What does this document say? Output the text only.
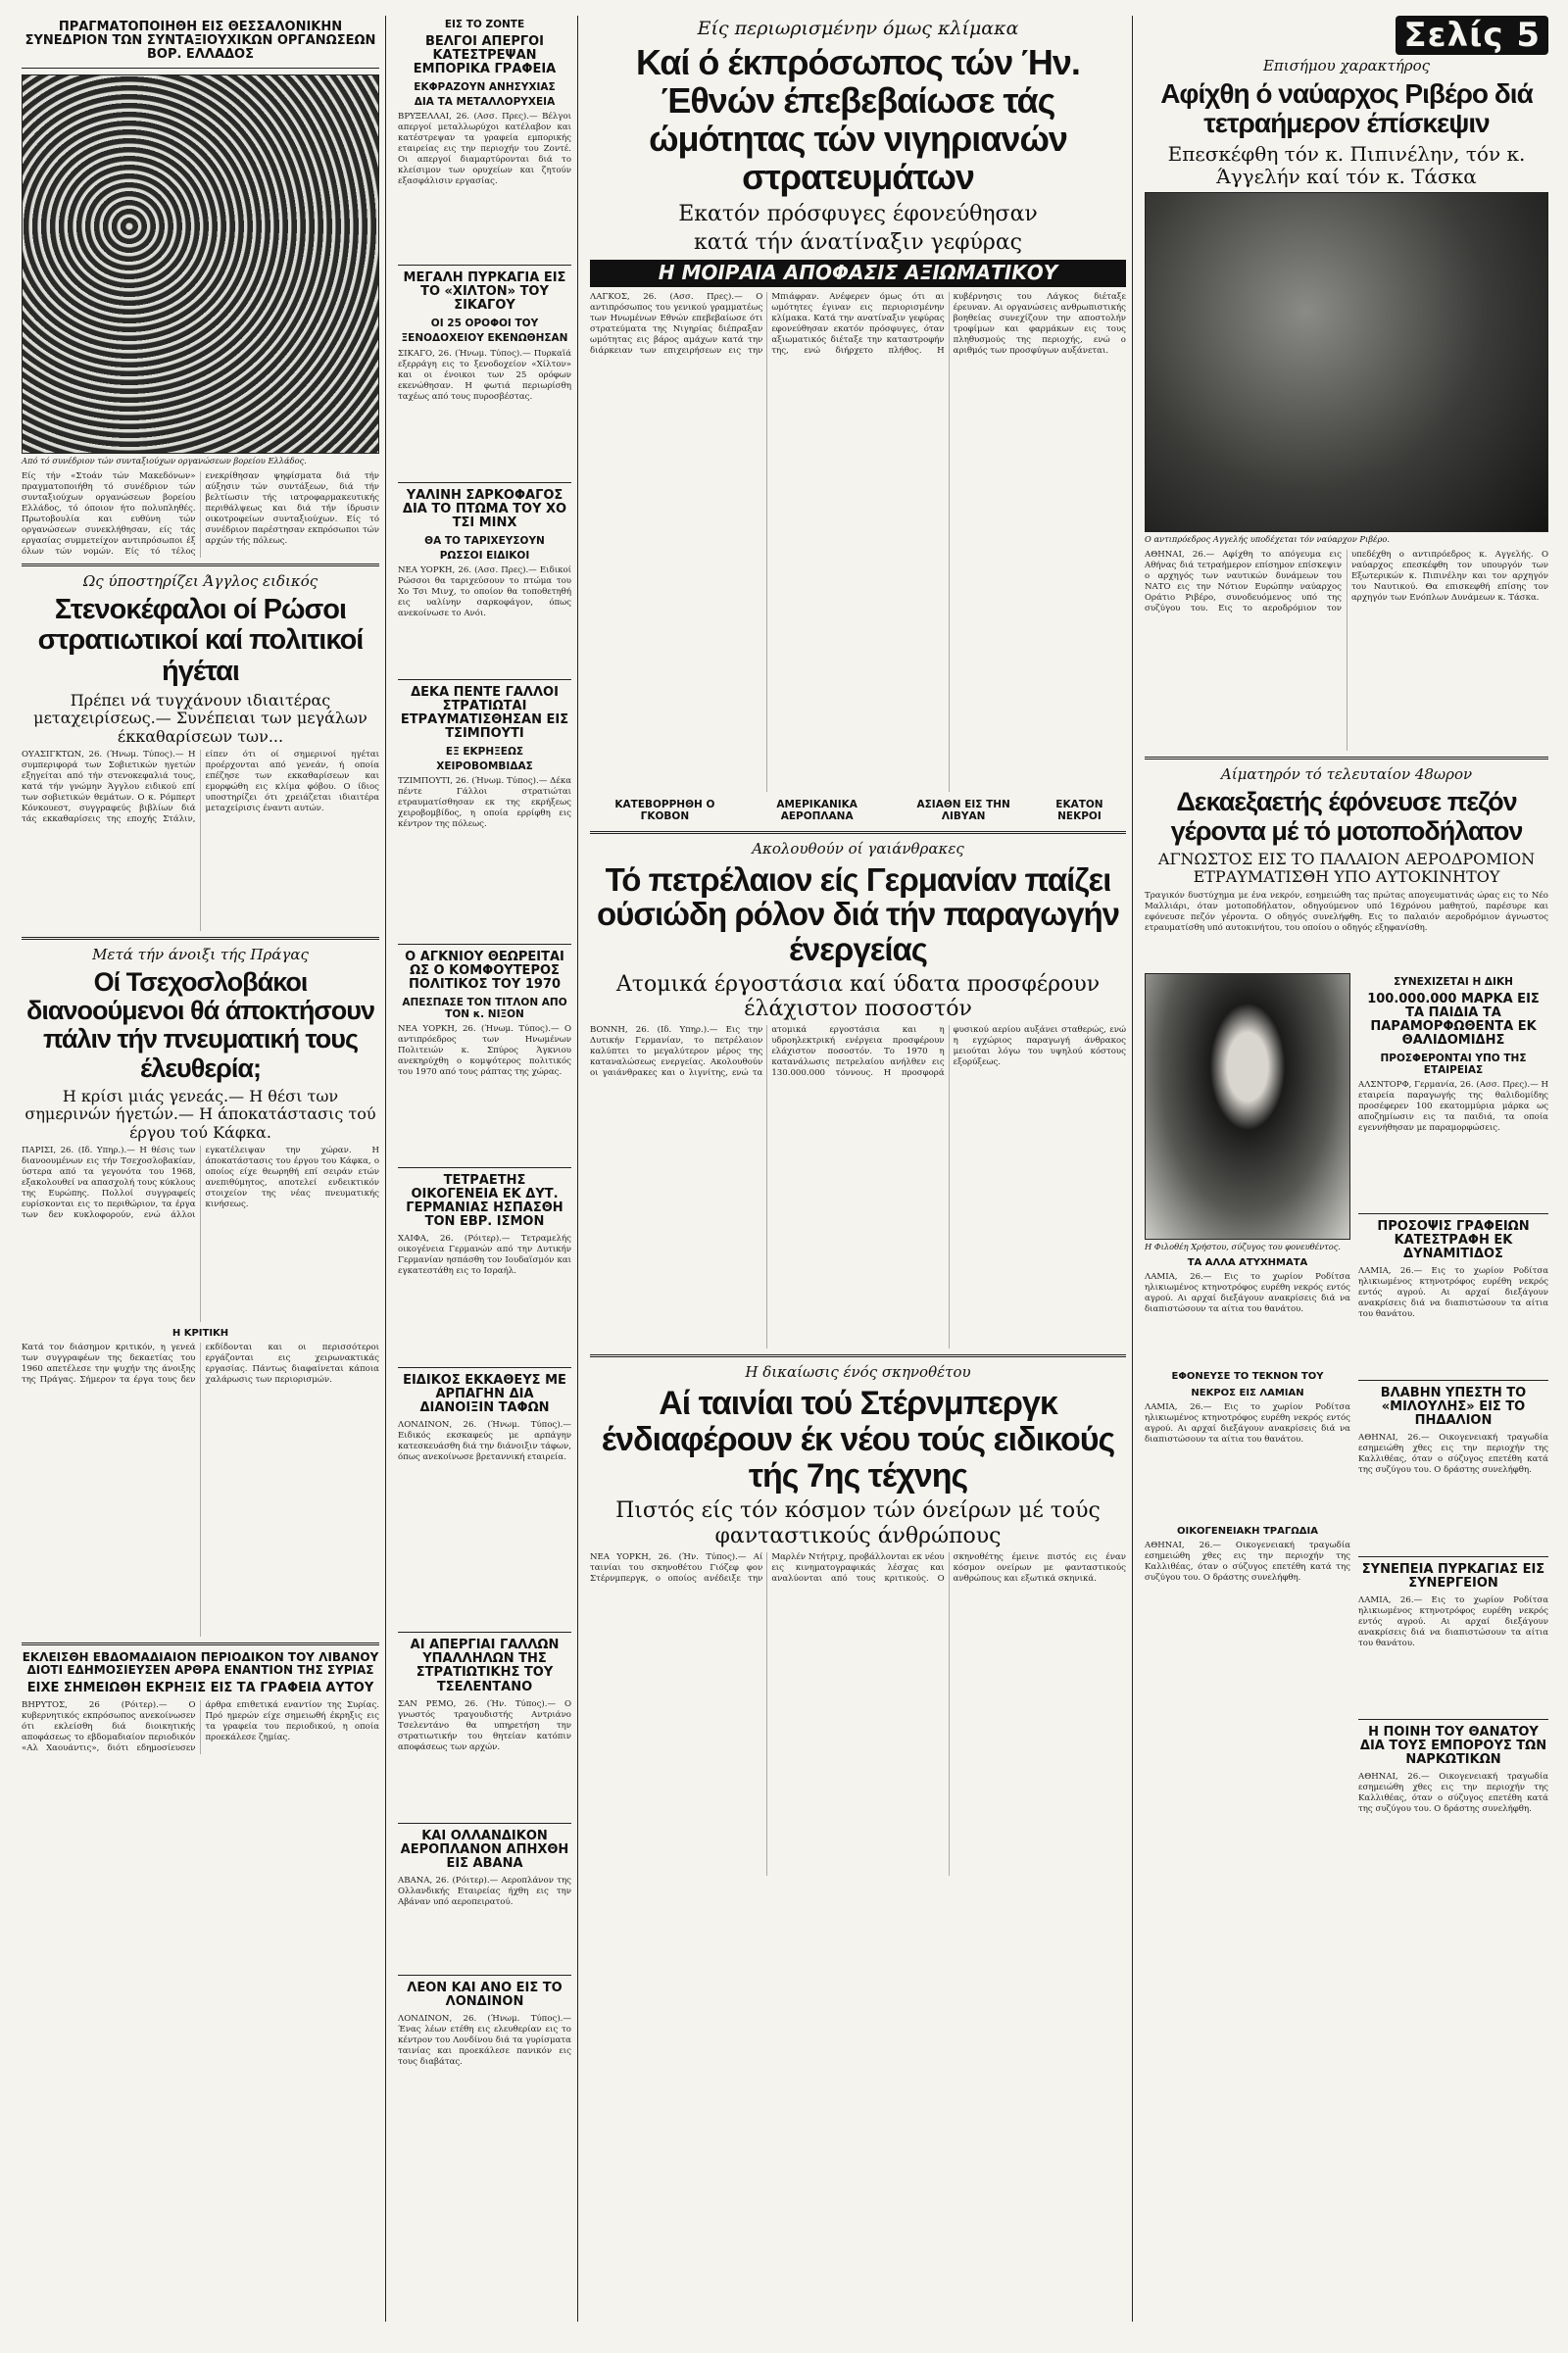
ΠΡΑΓΜΑΤΟΠΟΙΗΘΗ ΕΙΣ ΘΕΣΣΑΛΟΝΙΚΗΝ ΣΥΝΕΔΡΙΟΝ ΤΩΝ ΣΥΝΤΑΞΙΟΥΧΙΚΩΝ ΟΡΓΑΝΩΣΕΩΝ ΒΟΡ. ΕΛΛΑΔΟΣ
Από τό συνέδριον τών συνταξιούχων οργανώσεων βορείου Ελλάδος.
Είς τήν «Στοάν τών Μακεδόνων» πραγματοποιήθη τό συνέδριον τών συνταξιούχων οργανώσεων βορείου Ελλάδος, τό όποιον ήτο πολυπληθές. Πρωτοβουλία και ευθύνη τών οργανώσεων συνεκλήθησαν, είς τάς εργασίας συμμετείχον αντιπρόσωποι έξ όλων τών νομών. Είς τό τέλος ενεκρίθησαν ψηφίσματα διά τήν αύξησιν τών συντάξεων, διά τήν βελτίωσιν τής ιατροφαρμακευτικής περιθάλψεως και διά τήν ίδρυσιν οικοτροφείων συνταξιούχων. Είς τό συνέδριον παρέστησαν εκπρόσωποι τών αρχών τής πόλεως.
Ως ύποστηρίζει Άγγλος ειδικός
Στενοκέφαλοι οί Ρώσοι στρατιωτικοί καί πολιτικοί ήγέται
Πρέπει νά τυγχάνουν ιδιαιτέρας μεταχειρίσεως.— Συνέπειαι των μεγάλων έκκαθαρίσεων των...
ΟΥΑΣΙΓΚΤΩΝ, 26. (Ήνωμ. Τύπος).— Η συμπεριφορά των Σοβιετικών ηγετών εξηγείται από τήν στενοκεφαλιά τους, κατά τήν γνώμην Άγγλου ειδικού επί των σοβιετικών θεμάτων. Ο κ. Ρόμπερτ Κόνκουεστ, συγγραφεύς βιβλίων διά τάς εκκαθαρίσεις της εποχής Στάλιν, είπεν ότι οί σημερινοί ηγέται προέρχονται από γενεάν, ή οποία επέζησε των εκκαθαρίσεων και εμορφώθη εις κλίμα φόβου. Ο ίδιος υποστηρίζει ότι χρειάζεται ιδιαιτέρα μεταχείρισις έναντι αυτών.
Μετά τήν άνοιξι τής Πράγας
Οί Τσεχοσλοβάκοι διανοούμενοι θά άποκτήσουν πάλιν τήν πνευματική τους έλευθερία;
Η κρίσι μιάς γενεάς.— Η θέσι των σημερινών ήγετών.— Η άποκατάστασις τού έργου τού Κάφκα.
ΠΑΡΙΣΙ, 26. (Ιδ. Υπηρ.).— Η θέσις των διανοουμένων εις τήν Τσεχοσλοβακίαν, ύστερα από τα γεγονότα του 1968, εξακολουθεί να απασχολή τους κύκλους της Ευρώπης. Πολλοί συγγραφείς ευρίσκονται εις το περιθώριον, τα έργα των δεν κυκλοφορούν, ενώ άλλοι εγκατέλειψαν την χώραν. Η άποκατάστασις του έργου του Κάφκα, ο οποίος είχε θεωρηθή επί σειράν ετών ανεπιθύμητος, αποτελεί ενδεικτικόν στοιχείον της νέας πνευματικής κινήσεως.
Η ΚΡΙΤΙΚΗ
Κατά τον διάσημον κριτικόν, η γενεά των συγγραφέων της δεκαετίας του 1960 απετέλεσε την ψυχήν της άνοιξης της Πράγας. Σήμερον τα έργα τους δεν εκδίδονται και οι περισσότεροι εργάζονται εις χειρωνακτικάς εργασίας. Πάντως διαφαίνεται κάποια χαλάρωσις των περιορισμών.
ΕΚΛΕΙΣΘΗ ΕΒΔΟΜΑΔΙΑΙΟΝ ΠΕΡΙΟΔΙΚΟΝ ΤΟΥ ΛΙΒΑΝΟΥ ΔΙΟΤΙ ΕΔΗΜΟΣΙΕΥΣΕΝ ΑΡΘΡΑ ΕΝΑΝΤΙΟΝ ΤΗΣ ΣΥΡΙΑΣ
ΕΙΧΕ ΣΗΜΕΙΩΘΗ ΕΚΡΗΞΙΣ ΕΙΣ ΤΑ ΓΡΑΦΕΙΑ ΑΥΤΟΥ
ΒΗΡΥΤΟΣ, 26 (Ρόιτερ).— Ο κυβερνητικός εκπρόσωπος ανεκοίνωσεν ότι εκλείσθη διά διοικητικής αποφάσεως το εβδομαδιαίον περιοδικόν «Αλ Χαουάντις», διότι εδημοσίευσεν άρθρα επιθετικά εναντίον της Συρίας. Πρό ημερών είχε σημειωθή έκρηξις εις τα γραφεία του περιοδικού, η οποία προεκάλεσε ζημίας.
ΕΙΣ ΤΟ ΖΟΝΤΕ
ΒΕΛΓΟΙ ΑΠΕΡΓΟΙ ΚΑΤΕΣΤΡΕΨΑΝ ΕΜΠΟΡΙΚΑ ΓΡΑΦΕΙΑ
ΕΚΦΡΑΖΟΥΝ ΑΝΗΣΥΧΙΑΣ
ΔΙΑ ΤΑ ΜΕΤΑΛΛΟΡΥΧΕΙΑ
ΒΡΥΞΕΛΛΑΙ, 26. (Ασσ. Πρες).— Βέλγοι απεργοί μεταλλωρύχοι κατέλαβον και κατέστρεψαν τα γραφεία εμπορικής εταιρείας εις την περιοχήν του Ζοντέ. Οι απεργοί διαμαρτύρονται διά το κλείσιμον των ορυχείων και ζητούν εξασφάλισιν εργασίας.
ΜΕΓΑΛΗ ΠΥΡΚΑΓΙΑ ΕΙΣ ΤΟ «ΧΙΛΤΟΝ» ΤΟΥ ΣΙΚΑΓΟΥ
ΟΙ 25 ΟΡΟΦΟΙ ΤΟΥ
ΞΕΝΟΔΟΧΕΙΟΥ ΕΚΕΝΩΘΗΣΑΝ
ΣΙΚΑΓΟ, 26. (Ήνωμ. Τύπος).— Πυρκαϊά εξερράγη εις το ξενοδοχείον «Χίλτον» και οι ένοικοι των 25 ορόφων εκενώθησαν. Η φωτιά περιωρίσθη ταχέως από τους πυροσβέστας.
ΥΑΛΙΝΗ ΣΑΡΚΟΦΑΓΟΣ ΔΙΑ ΤΟ ΠΤΩΜΑ ΤΟΥ ΧΟ ΤΣΙ ΜΙΝΧ
ΘΑ ΤΟ ΤΑΡΙΧΕΥΣΟΥΝ
ΡΩΣΣΟΙ ΕΙΔΙΚΟΙ
ΝΕΑ ΥΟΡΚΗ, 26. (Ασσ. Πρες).— Ειδικοί Ρώσσοι θα ταριχεύσουν το πτώμα του Χο Τσι Μινχ, το οποίον θα τοποθετηθή εις υαλίνην σαρκοφάγον, όπως ανεκοίνωσε το Ανόι.
ΔΕΚΑ ΠΕΝΤΕ ΓΑΛΛΟΙ ΣΤΡΑΤΙΩΤΑΙ ΕΤΡΑΥΜΑΤΙΣΘΗΣΑΝ ΕΙΣ ΤΣΙΜΠΟΥΤΙ
ΕΞ ΕΚΡΗΞΕΩΣ
ΧΕΙΡΟΒΟΜΒΙΔΑΣ
ΤΖΙΜΠΟΥΤΙ, 26. (Ήνωμ. Τύπος).— Δέκα πέντε Γάλλοι στρατιώται ετραυματίσθησαν εκ της εκρήξεως χειροβομβίδος, η οποία ερρίφθη εις κέντρον της πόλεως.
Ο ΑΓΚΝΙΟΥ ΘΕΩΡΕΙΤΑΙ ΩΣ Ο ΚΟΜΦΟΥΤΕΡΟΣ ΠΟΛΙΤΙΚΟΣ ΤΟΥ 1970
ΑΠΕΣΠΑΣΕ ΤΟΝ ΤΙΤΛΟΝ ΑΠΟ ΤΟΝ κ. ΝΙΞΟΝ
ΝΕΑ ΥΟΡΚΗ, 26. (Ήνωμ. Τύπος).— Ο αντιπρόεδρος των Ηνωμένων Πολιτειών κ. Σπύρος Άγκνιου ανεκηρύχθη ο κομψότερος πολιτικός του 1970 από τους ράπτας της χώρας.
ΤΕΤΡΑΕΤΗΣ ΟΙΚΟΓΕΝΕΙΑ ΕΚ ΔΥΤ. ΓΕΡΜΑΝΙΑΣ ΗΣΠΑΣΘΗ ΤΟΝ ΕΒΡ. ΙΣΜΟΝ
ΧΑΙΦΑ, 26. (Ρόιτερ).— Τετραμελής οικογένεια Γερμανών από την Δυτικήν Γερμανίαν ησπάσθη τον Ιουδαϊσμόν και εγκατεστάθη εις το Ισραήλ.
ΕΙΔΙΚΟΣ ΕΚΚΑΘΕΥΣ ΜΕ ΑΡΠΑΓΗΝ ΔΙΑ ΔΙΑΝΟΙΞΙΝ ΤΑΦΩΝ
ΛΟΝΔΙΝΟΝ, 26. (Ήνωμ. Τύπος).— Ειδικός εκσκαφεύς με αρπάγην κατεσκευάσθη διά την διάνοιξιν τάφων, όπως ανεκοίνωσε βρεταννική εταιρεία.
ΑΙ ΑΠΕΡΓΙΑΙ ΓΑΛΛΩΝ ΥΠΑΛΛΗΛΩΝ ΤΗΣ ΣΤΡΑΤΙΩΤΙΚΗΣ ΤΟΥ ΤΣΕΛΕΝΤΑΝΟ
ΣΑΝ ΡΕΜΟ, 26. (Ήν. Τύπος).— Ο γνωστός τραγουδιστής Αντριάνο Τσελεντάνο θα υπηρετήση την στρατιωτικήν του θητείαν κατόπιν αποφάσεως των αρχών.
ΚΑΙ ΟΛΛΑΝΔΙΚΟΝ ΑΕΡΟΠΛΑΝΟΝ ΑΠΗΧΘΗ ΕΙΣ ΑΒΑΝΑ
ΑΒΑΝΑ, 26. (Ρόιτερ).— Αεροπλάνον της Ολλανδικής Εταιρείας ήχθη εις την Αβάναν υπό αεροπειρατού.
ΛΕΟΝ ΚΑΙ ΑΝΟ ΕΙΣ ΤΟ ΛΟΝΔΙΝΟΝ
ΛΟΝΔΙΝΟΝ, 26. (Ήνωμ. Τύπος).— Ένας λέων ετέθη εις ελευθερίαν εις το κέντρον του Λονδίνου διά τα γυρίσματα ταινίας και προεκάλεσε πανικόν εις τους διαβάτας.
Είς περιωρισμένην όμως κλίμακα
Καί ό έκπρόσωπος τών Ήν. Έθνών έπεβεβαίωσε τάς ώμότητας τών νιγηριανών στρατευμάτων
Εκατόν πρόσφυγες έφονεύθησαν
κατά τήν άνατίναξιν γεφύρας
Η ΜΟΙΡΑΙΑ ΑΠΟΦΑΣΙΣ ΑΞΙΩΜΑΤΙΚΟΥ
ΛΑΓΚΟΣ, 26. (Ασσ. Πρες).— Ο αντιπρόσωπος του γενικού γραμματέως των Ηνωμένων Εθνών επεβεβαίωσε ότι στρατεύματα της Νιγηρίας διέπραξαν ωμότητας εις βάρος αμάχων κατά την διάρκειαν των επιχειρήσεων εις την Μπιάφραν. Ανέφερεν όμως ότι αι ωμότητες έγιναν εις περιορισμένην κλίμακα. Κατά την ανατίναξιν γεφύρας εφονεύθησαν εκατόν πρόσφυγες, όταν αξιωματικός διέταξε την καταστροφήν της, ενώ διήρχετο πλήθος. Η κυβέρνησις του Λάγκος διέταξε έρευναν. Αι οργανώσεις ανθρωπιστικής βοηθείας συνεχίζουν την αποστολήν τροφίμων και φαρμάκων εις τους πληθυσμούς της περιοχής, ενώ ο αριθμός των προσφύγων αυξάνεται.
ΚΑΤΕΒΟΡΡΗΘΗ Ο ΓΚΟΒΟΝ
ΑΜΕΡΙΚΑΝΙΚΑ ΑΕΡΟΠΛΑΝΑ
ΑΣΙΑΘΝ ΕΙΣ ΤΗΝ ΛΙΒΥΑΝ
ΕΚΑΤΟΝ ΝΕΚΡΟΙ
Ακολουθούν οί γαιάνθρακες
Τό πετρέλαιον είς Γερμανίαν παίζει ούσιώδη ρόλον διά τήν παραγωγήν ένεργείας
Ατομικά έργοστάσια καί ύδατα προσφέρουν έλάχιστον ποσοστόν
ΒΟΝΝΗ, 26. (Ιδ. Υπηρ.).— Εις την Δυτικήν Γερμανίαν, το πετρέλαιον καλύπτει το μεγαλύτερον μέρος της καταναλώσεως ενεργείας. Ακολουθούν οι γαιάνθρακες και ο λιγνίτης, ενώ τα ατομικά εργοστάσια και η υδροηλεκτρική ενέργεια προσφέρουν ελάχιστον ποσοστόν. Το 1970 η κατανάλωσις πετρελαίου ανήλθεν εις 130.000.000 τόννους. Η προσφορά φυσικού αερίου αυξάνει σταθερώς, ενώ η εγχώριος παραγωγή άνθρακος μειούται λόγω του υψηλού κόστους εξορύξεως.
Η δικαίωσις ένός σκηνοθέτου
Αί ταινίαι τού Στέρνμπεργκ ένδιαφέρουν έκ νέου τούς ειδικούς τής 7ης τέχνης
Πιστός είς τόν κόσμον τών όνείρων μέ τούς φανταστικούς άνθρώπους
ΝΕΑ ΥΟΡΚΗ, 26. (Ήν. Τύπος).— Αί ταινίαι του σκηνοθέτου Γιόζεφ φον Στέρνμπεργκ, ο οποίος ανέδειξε την Μαρλέν Ντήτριχ, προβάλλονται εκ νέου εις κινηματογραφικάς λέσχας και αναλύονται από τους κριτικούς. Ο σκηνοθέτης έμεινε πιστός εις έναν κόσμον ονείρων με φανταστικούς ανθρώπους και εξωτικά σκηνικά.
Σελίς 5
Επισήμου χαρακτήρος
Αφίχθη ό ναύαρχος Ριβέρο διά τετραήμερον έπίσκεψιν
Επεσκέφθη τόν κ. Πιπινέλην, τόν κ. Άγγελήν καί τόν κ. Τάσκα
Ο αντιπρόεδρος Αγγελής υποδέχεται τόν ναύαρχον Ριβέρο.
ΑΘΗΝΑΙ, 26.— Αφίχθη το απόγευμα εις Αθήνας διά τετραήμερον επίσημον επίσκεψιν ο αρχηγός των ναυτικών δυνάμεων του ΝΑΤΟ εις την Νότιον Ευρώπην ναύαρχος Οράτιο Ριβέρο, συνοδευόμενος υπό της συζύγου του. Εις το αεροδρόμιον τον υπεδέχθη ο αντιπρόεδρος κ. Αγγελής. Ο ναύαρχος επεσκέφθη τον υπουργόν των Εξωτερικών κ. Πιπινέλην και τον αρχηγόν του Ναυτικού. Θα επισκεφθή επίσης τον αρχηγόν των Ενόπλων Δυνάμεων κ. Τάσκα.
Αίματηρόν τό τελευταίον 48ωρον
Δεκαεξαετής έφόνευσε πεζόν γέροντα μέ τό μοτοποδήλατον
ΑΓΝΩΣΤΟΣ ΕΙΣ ΤΟ ΠΑΛΑΙΟΝ ΑΕΡΟΔΡΟΜΙΟΝ ΕΤΡΑΥΜΑΤΙΣΘΗ ΥΠΟ ΑΥΤΟΚΙΝΗΤΟΥ
Τραγικόν δυστύχημα με ένα νεκρόν, εσημειώθη τας πρώτας απογευματινάς ώρας εις το Νέο Μαλλιάρι, όταν μοτοποδήλατον, οδηγούμενον υπό 16χρόνου μαθητού, παρέσυρε και εφόνευσε πεζόν γέροντα. Ο οδηγός συνελήφθη. Εις το παλαιόν αεροδρόμιον άγνωστος ετραυματίσθη υπό αυτοκινήτου, του οποίου ο οδηγός εξηφανίσθη.
Η Φιλοθέη Χρήστου, σύζυγος του φονευθέντος.
ΤΑ ΑΛΛΑ ΑΤΥΧΗΜΑΤΑ
ΛΑΜΙΑ, 26.— Εις το χωρίον Ροδίτσα ηλικιωμένος κτηνοτρόφος ευρέθη νεκρός εντός αγρού. Αι αρχαί διεξάγουν ανακρίσεις διά να διαπιστώσουν τα αίτια του θανάτου.
ΕΦΟΝΕΥΣΕ ΤΟ ΤΕΚΝΟΝ ΤΟΥ
ΝΕΚΡΟΣ ΕΙΣ ΛΑΜΙΑΝ
ΛΑΜΙΑ, 26.— Εις το χωρίον Ροδίτσα ηλικιωμένος κτηνοτρόφος ευρέθη νεκρός εντός αγρού. Αι αρχαί διεξάγουν ανακρίσεις διά να διαπιστώσουν τα αίτια του θανάτου.
ΟΙΚΟΓΕΝΕΙΑΚΗ ΤΡΑΓΩΔΙΑ
ΑΘΗΝΑΙ, 26.— Οικογενειακή τραγωδία εσημειώθη χθες εις την περιοχήν της Καλλιθέας, όταν ο σύζυγος επετέθη κατά της συζύγου του. Ο δράστης συνελήφθη.
ΣΥΝΕΧΙΖΕΤΑΙ Η ΔΙΚΗ
100.000.000 ΜΑΡΚΑ ΕΙΣ ΤΑ ΠΑΙΔΙΑ ΤΑ ΠΑΡΑΜΟΡΦΩΘΕΝΤΑ ΕΚ ΘΑΛΙΔΟΜΙΔΗΣ
ΠΡΟΣΦΕΡΟΝΤΑΙ ΥΠΟ ΤΗΣ ΕΤΑΙΡΕΙΑΣ
ΑΛΣΝΤΟΡΦ, Γερμανία, 26. (Ασσ. Πρες).— Η εταιρεία παραγωγής της θαλιδομίδης προσέφερεν 100 εκατομμύρια μάρκα ως αποζημίωσιν εις τα παιδιά, τα οποία εγεννήθησαν με παραμορφώσεις.
ΠΡΟΣΟΨΙΣ ΓΡΑΦΕΙΩΝ ΚΑΤΕΣΤΡΑΦΗ ΕΚ ΔΥΝΑΜΙΤΙΔΟΣ
ΛΑΜΙΑ, 26.— Εις το χωρίον Ροδίτσα ηλικιωμένος κτηνοτρόφος ευρέθη νεκρός εντός αγρού. Αι αρχαί διεξάγουν ανακρίσεις διά να διαπιστώσουν τα αίτια του θανάτου.
ΒΛΑΒΗΝ ΥΠΕΣΤΗ ΤΟ «ΜΙΛΟΥΛΗΣ» ΕΙΣ ΤΟ ΠΗΔΑΛΙΟΝ
ΑΘΗΝΑΙ, 26.— Οικογενειακή τραγωδία εσημειώθη χθες εις την περιοχήν της Καλλιθέας, όταν ο σύζυγος επετέθη κατά της συζύγου του. Ο δράστης συνελήφθη.
ΣΥΝΕΠΕΙΑ ΠΥΡΚΑΓΙΑΣ ΕΙΣ ΣΥΝΕΡΓΕΙΟΝ
ΛΑΜΙΑ, 26.— Εις το χωρίον Ροδίτσα ηλικιωμένος κτηνοτρόφος ευρέθη νεκρός εντός αγρού. Αι αρχαί διεξάγουν ανακρίσεις διά να διαπιστώσουν τα αίτια του θανάτου.
Η ΠΟΙΝΗ ΤΟΥ ΘΑΝΑΤΟΥ ΔΙΑ ΤΟΥΣ ΕΜΠΟΡΟΥΣ ΤΩΝ ΝΑΡΚΩΤΙΚΩΝ
ΑΘΗΝΑΙ, 26.— Οικογενειακή τραγωδία εσημειώθη χθες εις την περιοχήν της Καλλιθέας, όταν ο σύζυγος επετέθη κατά της συζύγου του. Ο δράστης συνελήφθη.
